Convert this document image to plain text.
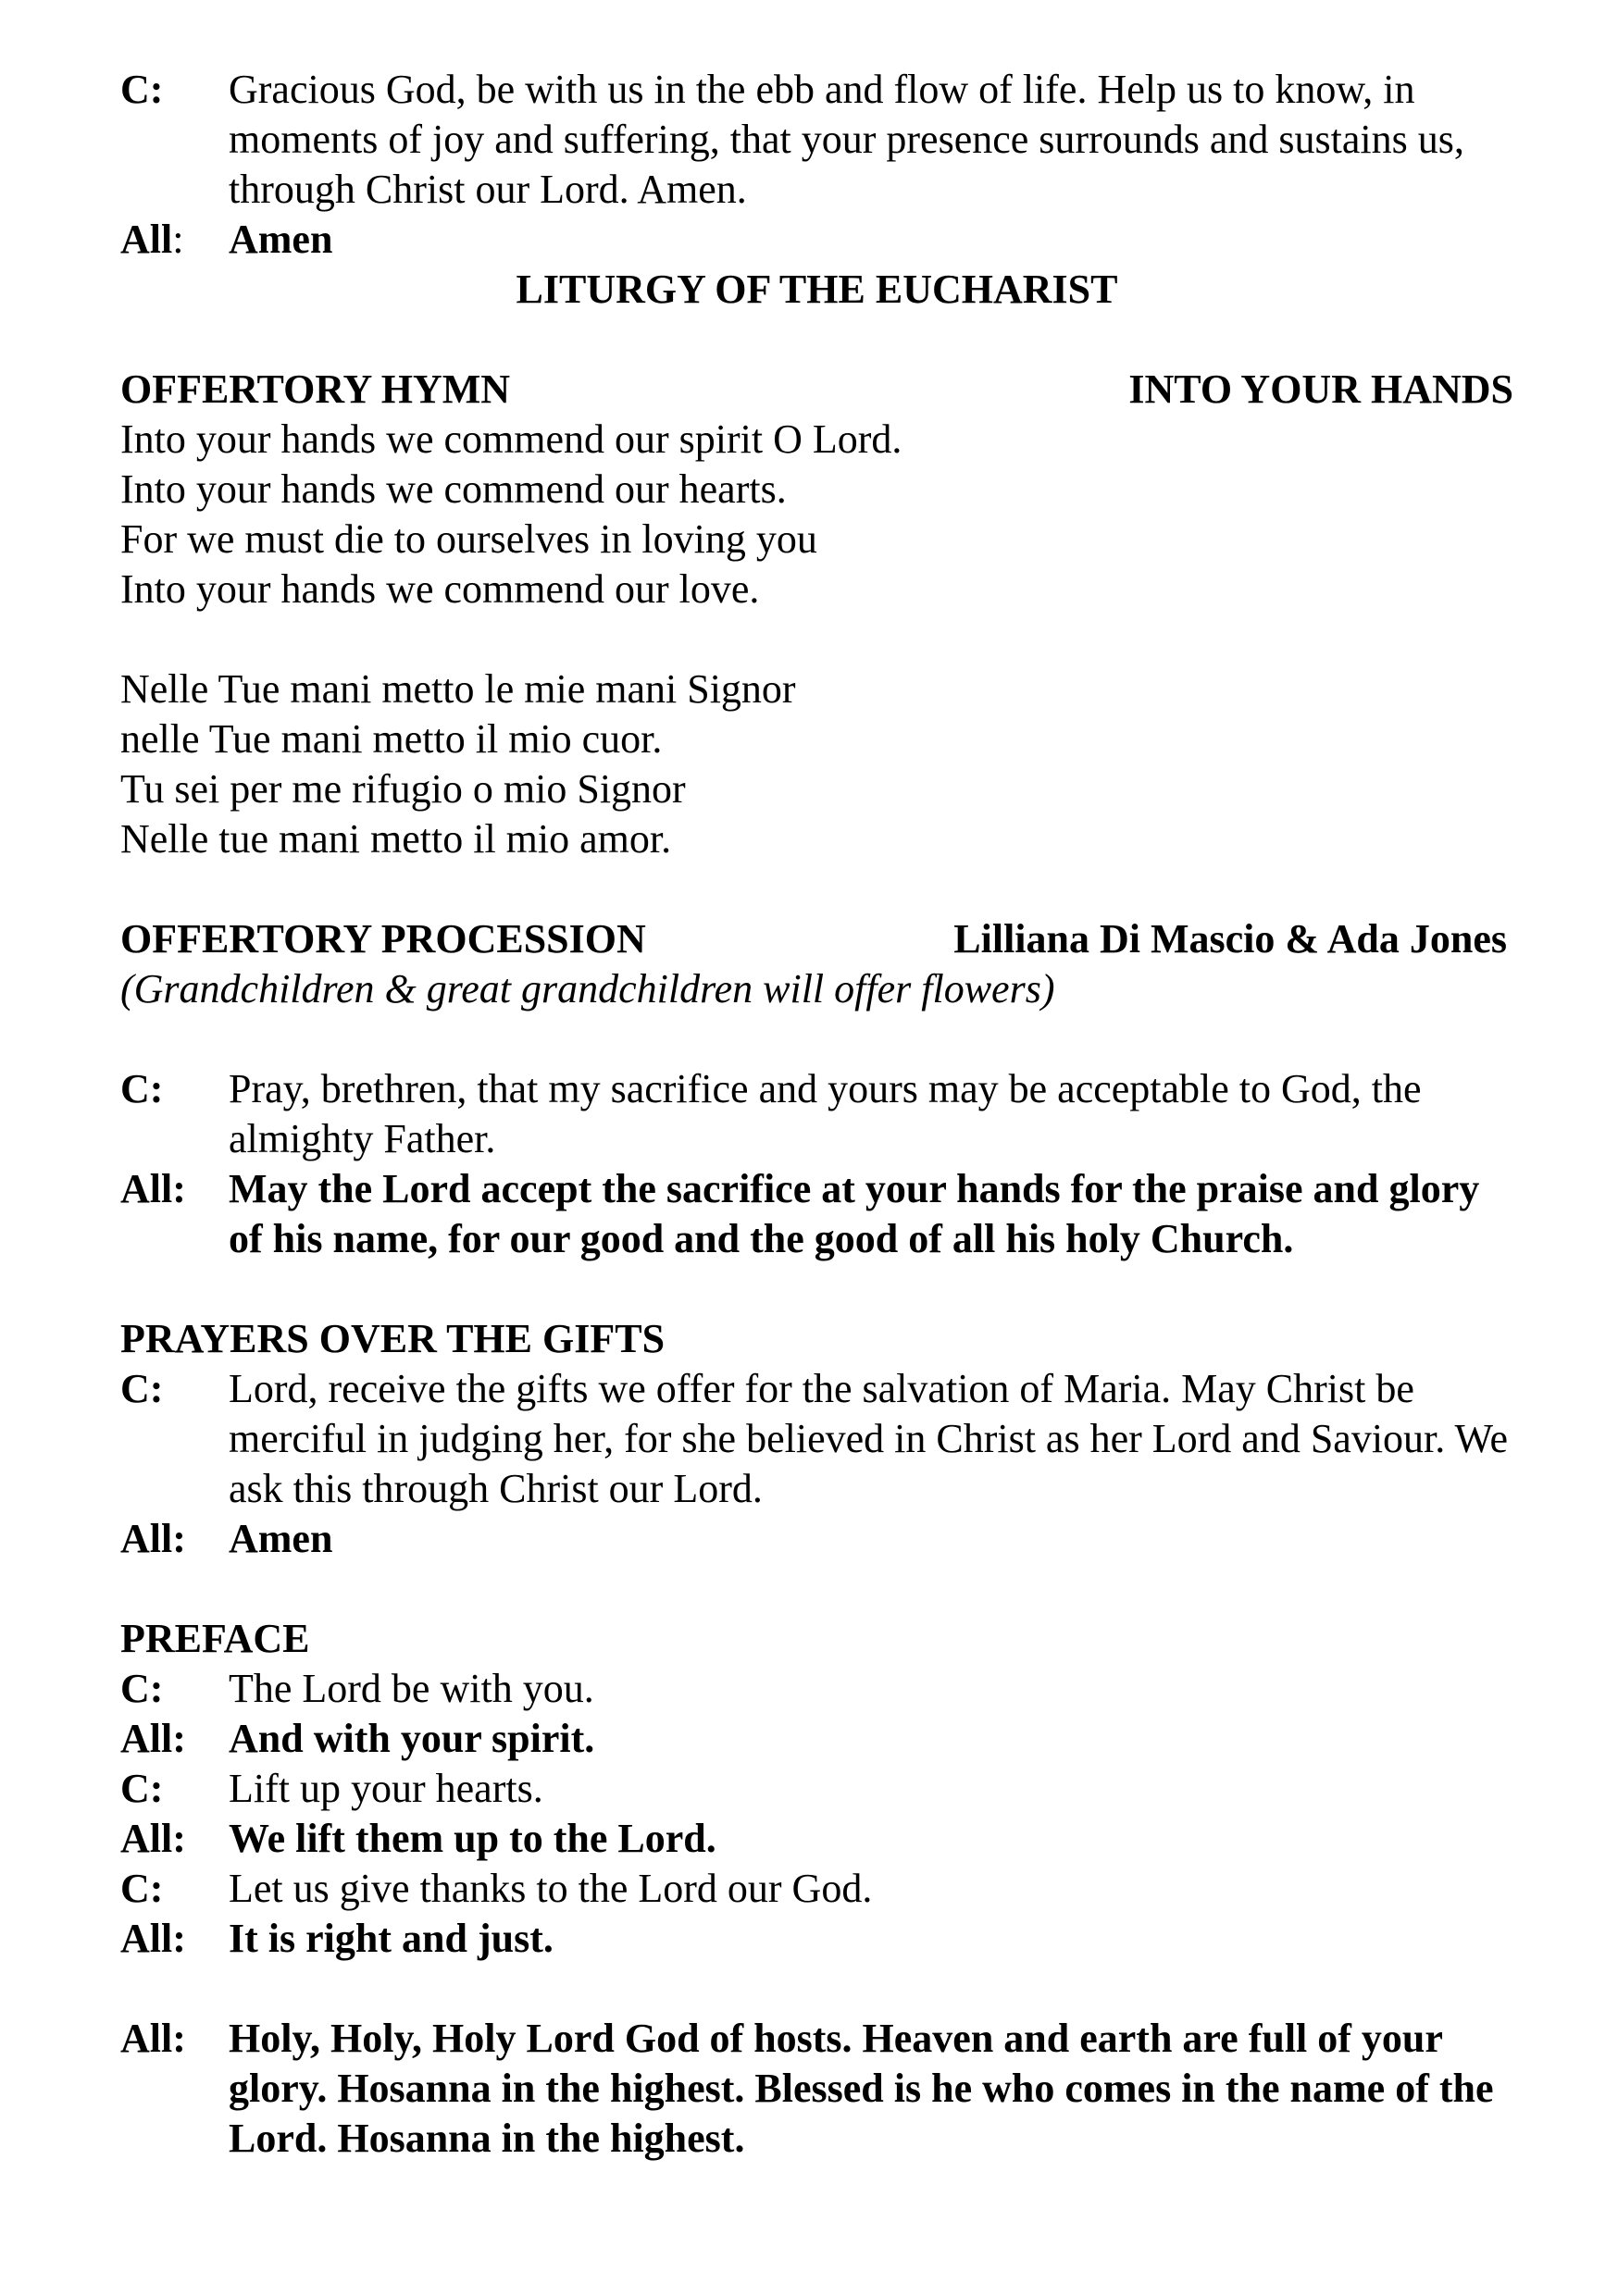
C:	Gracious God, be with us in the ebb and flow of life. Help us to know, in moments of joy and suffering, that your presence surrounds and sustains us, through Christ our Lord. Amen.
All:	Amen
LITURGY OF THE EUCHARIST
OFFERTORY HYMN	INTO YOUR HANDS
Into your hands we commend our spirit O Lord.
Into your hands we commend our hearts.
For we must die to ourselves in loving you
Into your hands we commend our love.
Nelle Tue mani metto le mie mani Signor
nelle Tue mani metto il mio cuor.
Tu sei per me rifugio o mio Signor
Nelle tue mani metto il mio amor.
OFFERTORY PROCESSION	Lilliana Di Mascio & Ada Jones
(Grandchildren & great grandchildren will offer flowers)
C:	Pray, brethren, that my sacrifice and yours may be acceptable to God, the almighty Father.
All:	May the Lord accept the sacrifice at your hands for the praise and glory of his name, for our good and the good of all his holy Church.
PRAYERS OVER THE GIFTS
C:	Lord, receive the gifts we offer for the salvation of Maria. May Christ be merciful in judging her, for she believed in Christ as her Lord and Saviour. We ask this through Christ our Lord.
All:	Amen
PREFACE
C:	The Lord be with you.
All:	And with your spirit.
C:	Lift up your hearts.
All:	We lift them up to the Lord.
C:	Let us give thanks to the Lord our God.
All:	It is right and just.
All:	Holy, Holy, Holy Lord God of hosts. Heaven and earth are full of your glory. Hosanna in the highest. Blessed is he who comes in the name of the Lord. Hosanna in the highest.
